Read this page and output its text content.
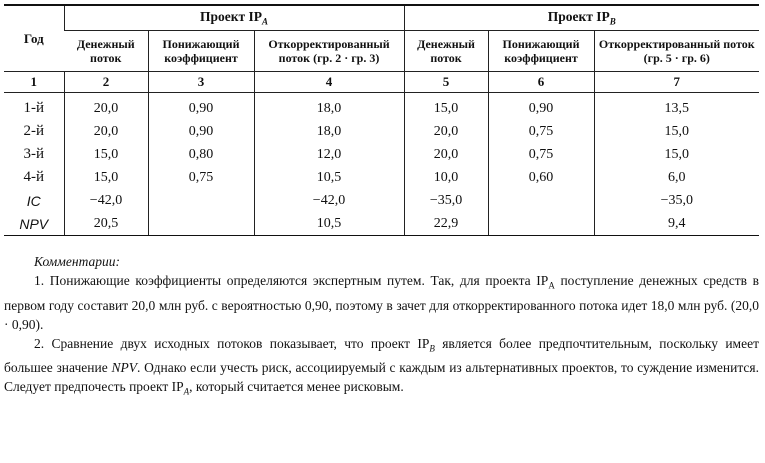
Год	Проект $IP_A$			Проект $IP_B$
	Денежный поток	Понижающий коэффициент	Откорректированный поток (гр. 2 · гр. 3)	Денежный поток	Понижающий коэффициент	Откорректированный поток (гр. 5 · гр. 6)
1	2	3	4	5	6	7
1-й	20,0	0,90	18,0	15,0	0,90	13,5
2-й	20,0	0,90	18,0	20,0	0,75	15,0
3-й	15,0	0,80	12,0	20,0	0,75	15,0
4-й	15,0	0,75	10,5	10,0	0,60	6,0
IC	−42,0		−42,0	−35,0		−35,0
NPV	20,5		10,5	22,9		9,4
Комментарии:

1. Понижающие коэффициенты определяются экспертным путем. Так, для проекта $IP_A$ поступление денежных средств в первом году составит 20,0 млн руб. с вероятностью 0,90, поэтому в зачет для откорректированного потока идет 18,0 млн руб. (20,0 · 0,90).

2. Сравнение двух исходных потоков показывает, что проект $IP_B$ является более предпочтительным, поскольку имеет большее значение NPV. Однако если учесть риск, ассоциируемый с каждым из альтернативных проектов, то суждение изменится. Следует предпочесть проект $IP_A$, который считается менее рисковым.
